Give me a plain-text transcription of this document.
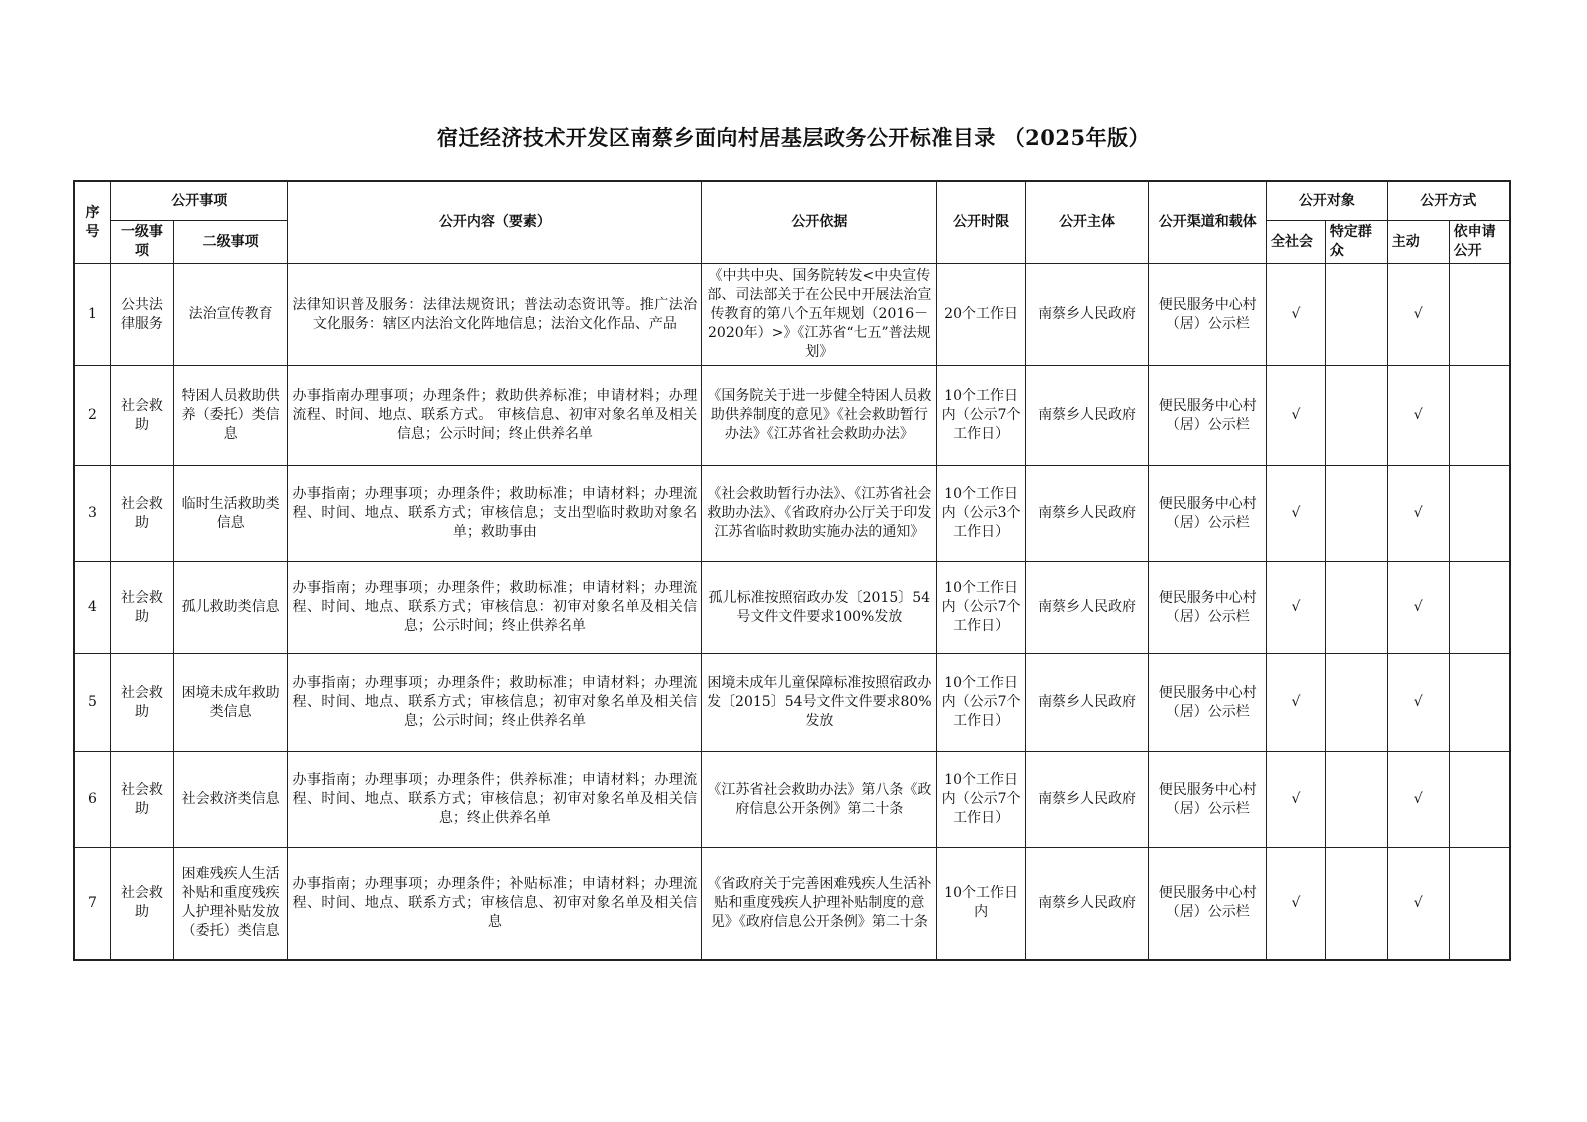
宿迁经济技术开发区南蔡乡面向村居基层政务公开标准目录 （2025年版）
序号	公开事项		公开内容（要素）	公开依据	公开时限	公开主体	公开渠道和载体	公开对象		公开方式	
	一级事项	二级事项						全社会	特定群众	主动	依申请公开
1	公共法律服务	法治宣传教育	法律知识普及服务：法律法规资讯；普法动态资讯等。推广法治文化服务：辖区内法治文化阵地信息；法治文化作品、产品	《中共中央、国务院转发<中央宣传部、司法部关于在公民中开展法治宣传教育的第八个五年规划（2016－2020年）>》《江苏省“七五”普法规划》	20个工作日	南蔡乡人民政府	便民服务中心村（居）公示栏	√		√	
2	社会救助	特困人员救助供养（委托）类信息	办事指南办理事项；办理条件；救助供养标准；申请材料；办理流程、时间、地点、联系方式。 审核信息、初审对象名单及相关信息；公示时间；终止供养名单	《国务院关于进一步健全特困人员救助供养制度的意见》《社会救助暂行办法》《江苏省社会救助办法》	10个工作日内（公示7个工作日）	南蔡乡人民政府	便民服务中心村（居）公示栏	√		√	
3	社会救助	临时生活救助类信息	办事指南；办理事项；办理条件；救助标准；申请材料；办理流程、时间、地点、联系方式；审核信息；支出型临时救助对象名单；救助事由	《社会救助暂行办法》、《江苏省社会救助办法》、《省政府办公厅关于印发江苏省临时救助实施办法的通知》	10个工作日内（公示3个工作日）	南蔡乡人民政府	便民服务中心村（居）公示栏	√		√	
4	社会救助	孤儿救助类信息	办事指南；办理事项；办理条件；救助标准；申请材料；办理流程、时间、地点、联系方式；审核信息：初审对象名单及相关信息；公示时间；终止供养名单	孤儿标准按照宿政办发〔2015〕54号文件文件要求100%发放	10个工作日内（公示7个工作日）	南蔡乡人民政府	便民服务中心村（居）公示栏	√		√	
5	社会救助	困境未成年救助类信息	办事指南；办理事项；办理条件；救助标准；申请材料；办理流程、时间、地点、联系方式；审核信息；初审对象名单及相关信息；公示时间；终止供养名单	困境未成年儿童保障标准按照宿政办发〔2015〕54号文件文件要求80%发放	10个工作日内（公示7个工作日）	南蔡乡人民政府	便民服务中心村（居）公示栏	√		√	
6	社会救助	社会救济类信息	办事指南；办理事项；办理条件；供养标准；申请材料；办理流程、时间、地点、联系方式；审核信息；初审对象名单及相关信息；终止供养名单	《江苏省社会救助办法》第八条《政府信息公开条例》第二十条	10个工作日内（公示7个工作日）	南蔡乡人民政府	便民服务中心村（居）公示栏	√		√	
7	社会救助	困难残疾人生活补贴和重度残疾人护理补贴发放（委托）类信息	办事指南；办理事项；办理条件；补贴标准；申请材料；办理流程、时间、地点、联系方式；审核信息、初审对象名单及相关信息	《省政府关于完善困难残疾人生活补贴和重度残疾人护理补贴制度的意见》《政府信息公开条例》第二十条	10个工作日内	南蔡乡人民政府	便民服务中心村（居）公示栏	√		√	
